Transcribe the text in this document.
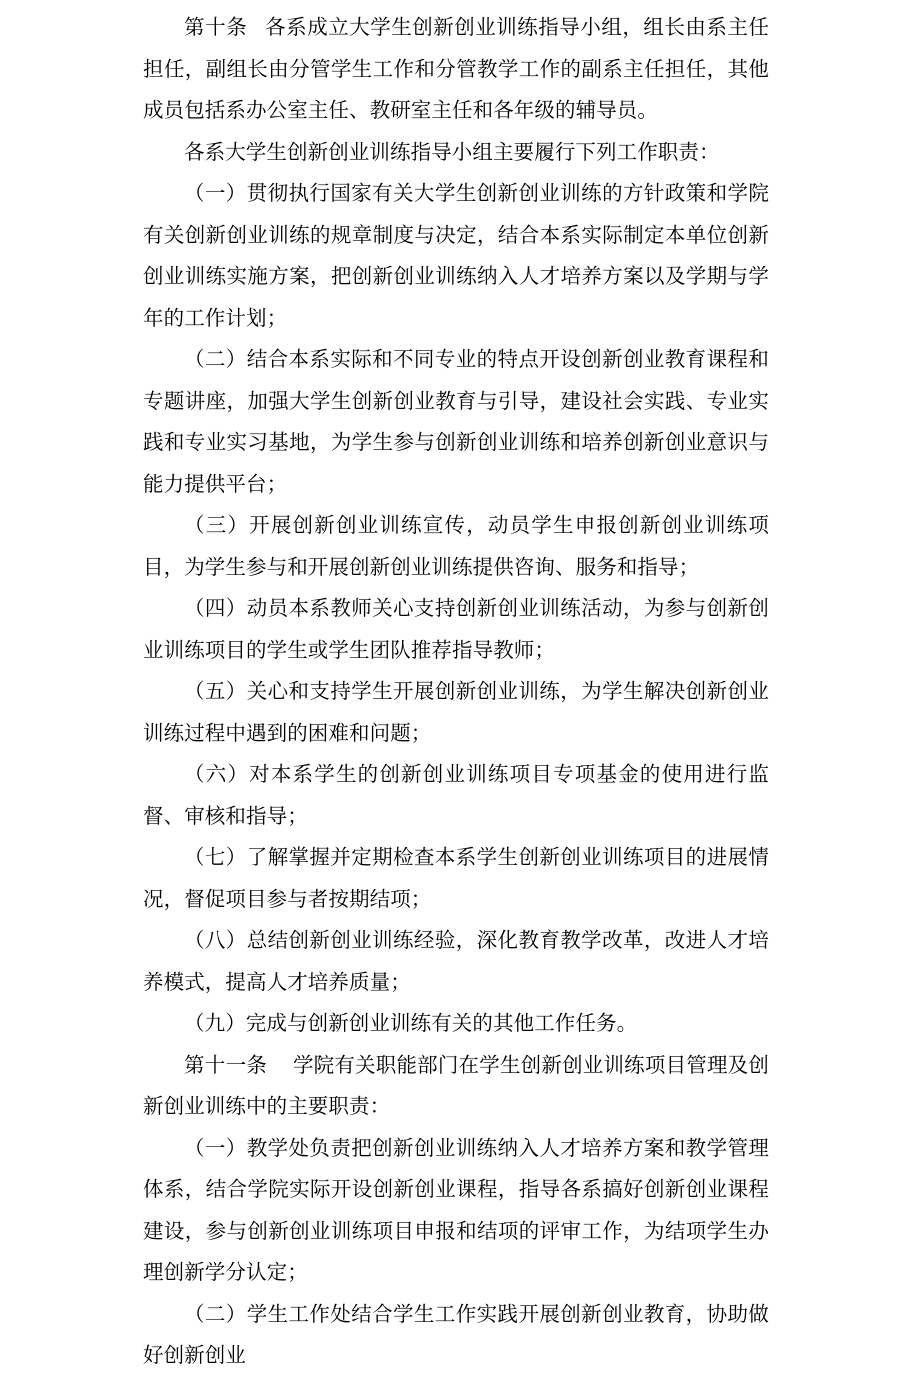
第十条 各系成立大学生创新创业训练指导小组，组长由系主任担任，副组长由分管学生工作和分管教学工作的副系主任担任，其他成员包括系办公室主任、教研室主任和各年级的辅导员。

各系大学生创新创业训练指导小组主要履行下列工作职责：

（一）贯彻执行国家有关大学生创新创业训练的方针政策和学院有关创新创业训练的规章制度与决定，结合本系实际制定本单位创新创业训练实施方案，把创新创业训练纳入人才培养方案以及学期与学年的工作计划；

（二）结合本系实际和不同专业的特点开设创新创业教育课程和专题讲座，加强大学生创新创业教育与引导，建设社会实践、专业实践和专业实习基地，为学生参与创新创业训练和培养创新创业意识与能力提供平台；

（三）开展创新创业训练宣传，动员学生申报创新创业训练项目，为学生参与和开展创新创业训练提供咨询、服务和指导；

（四）动员本系教师关心支持创新创业训练活动，为参与创新创业训练项目的学生或学生团队推荐指导教师；

（五）关心和支持学生开展创新创业训练，为学生解决创新创业训练过程中遇到的困难和问题；

（六）对本系学生的创新创业训练项目专项基金的使用进行监督、审核和指导；

（七）了解掌握并定期检查本系学生创新创业训练项目的进展情况，督促项目参与者按期结项；

（八）总结创新创业训练经验，深化教育教学改革，改进人才培养模式，提高人才培养质量；

（九）完成与创新创业训练有关的其他工作任务。

第十一条 学院有关职能部门在学生创新创业训练项目管理及创新创业训练中的主要职责：

（一）教学处负责把创新创业训练纳入人才培养方案和教学管理体系，结合学院实际开设创新创业课程，指导各系搞好创新创业课程建设，参与创新创业训练项目申报和结项的评审工作，为结项学生办理创新学分认定；

（二）学生工作处结合学生工作实践开展创新创业教育，协助做好创新创业
